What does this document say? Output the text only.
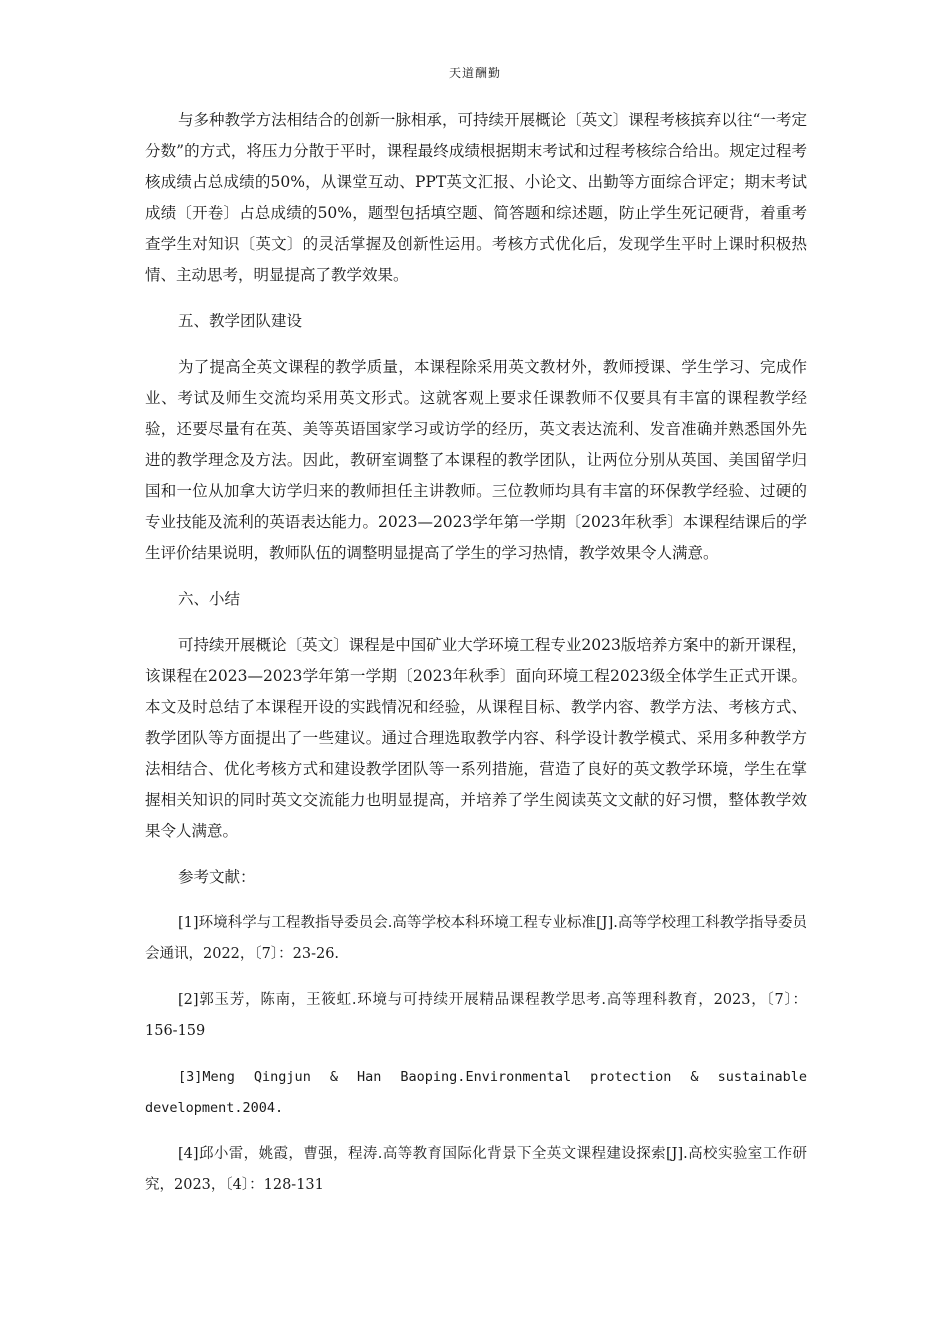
天道酬勤

与多种教学方法相结合的创新一脉相承，可持续开展概论〔英文〕课程考核摈弃以往“一考定分数”的方式，将压力分散于平时，课程最终成绩根据期末考试和过程考核综合给出。规定过程考核成绩占总成绩的50%，从课堂互动、PPT英文汇报、小论文、出勤等方面综合评定；期末考试成绩〔开卷〕占总成绩的50%，题型包括填空题、简答题和综述题，防止学生死记硬背，着重考查学生对知识〔英文〕的灵活掌握及创新性运用。考核方式优化后，发现学生平时上课时积极热情、主动思考，明显提高了教学效果。

五、教学团队建设

为了提高全英文课程的教学质量，本课程除采用英文教材外，教师授课、学生学习、完成作业、考试及师生交流均采用英文形式。这就客观上要求任课教师不仅要具有丰富的课程教学经验，还要尽量有在英、美等英语国家学习或访学的经历，英文表达流利、发音准确并熟悉国外先进的教学理念及方法。因此，教研室调整了本课程的教学团队，让两位分别从英国、美国留学归国和一位从加拿大访学归来的教师担任主讲教师。三位教师均具有丰富的环保教学经验、过硬的专业技能及流利的英语表达能力。2023—2023学年第一学期〔2023年秋季〕本课程结课后的学生评价结果说明，教师队伍的调整明显提高了学生的学习热情，教学效果令人满意。

六、小结

可持续开展概论〔英文〕课程是中国矿业大学环境工程专业2023版培养方案中的新开课程，该课程在2023—2023学年第一学期〔2023年秋季〕面向环境工程2023级全体学生正式开课。本文及时总结了本课程开设的实践情况和经验，从课程目标、教学内容、教学方法、考核方式、教学团队等方面提出了一些建议。通过合理选取教学内容、科学设计教学模式、采用多种教学方法相结合、优化考核方式和建设教学团队等一系列措施，营造了良好的英文教学环境，学生在掌握相关知识的同时英文交流能力也明显提高，并培养了学生阅读英文文献的好习惯，整体教学效果令人满意。

参考文献：

[1]环境科学与工程教指导委员会.高等学校本科环境工程专业标准[J].高等学校理工科教学指导委员会通讯，2022，〔7〕：23-26.

[2]郭玉芳，陈南，王筱虹.环境与可持续开展精品课程教学思考.高等理科教育，2023，〔7〕：156-159

[3]Meng Qingjun & Han Baoping.Environmental protection & sustainable development.2004.

[4]邱小雷，姚霞，曹强，程涛.高等教育国际化背景下全英文课程建设探索[J].高校实验室工作研究，2023，〔4〕：128-131
